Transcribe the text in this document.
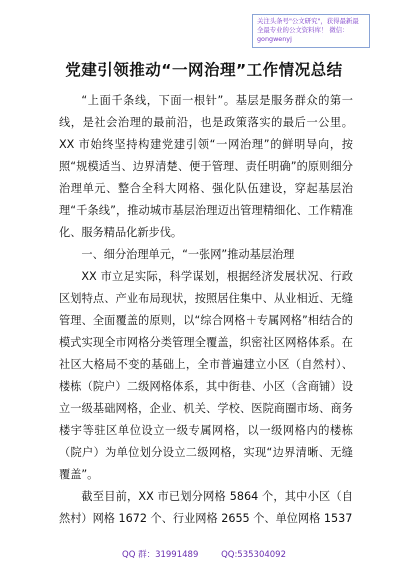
关注头条号"公文研究"，获得最新最全最专业的公文资料库！ 微信：gongwenyj
党建引领推动“一网治理”工作情况总结

“上面千条线，下面一根针”。基层是服务群众的第一线，是社会治理的最前沿，也是政策落实的最后一公里。XX 市始终坚持构建党建引领“一网治理”的鲜明导向，按照“规模适当、边界清楚、便于管理、责任明确”的原则细分治理单元、整合全科大网格、强化队伍建设，穿起基层治理“千条线”，推动城市基层治理迈出管理精细化、工作精准化、服务精品化新步伐。

一、细分治理单元，“一张网”推动基层治理

XX 市立足实际，科学谋划，根据经济发展状况、行政区划特点、产业布局现状，按照居住集中、从业相近、无缝管理、全面覆盖的原则，以“综合网格＋专属网格”相结合的模式实现全市网格分类管理全覆盖，织密社区网格体系。在社区大格局不变的基础上，全市普遍建立小区（自然村）、楼栋（院户）二级网格体系，其中街巷、小区（含商铺）设立一级基础网格，企业、机关、学校、医院商圈市场、商务楼宇等驻区单位设立一级专属网格，以一级网格内的楼栋（院户）为单位划分设立二级网格，实现“边界清晰、无缝覆盖”。

截至目前，XX 市已划分网格 5864 个，其中小区（自然村）网格 1672 个、行业网格 2655 个、单位网格 1537

QQ 群：31991489	QQ:535304092
